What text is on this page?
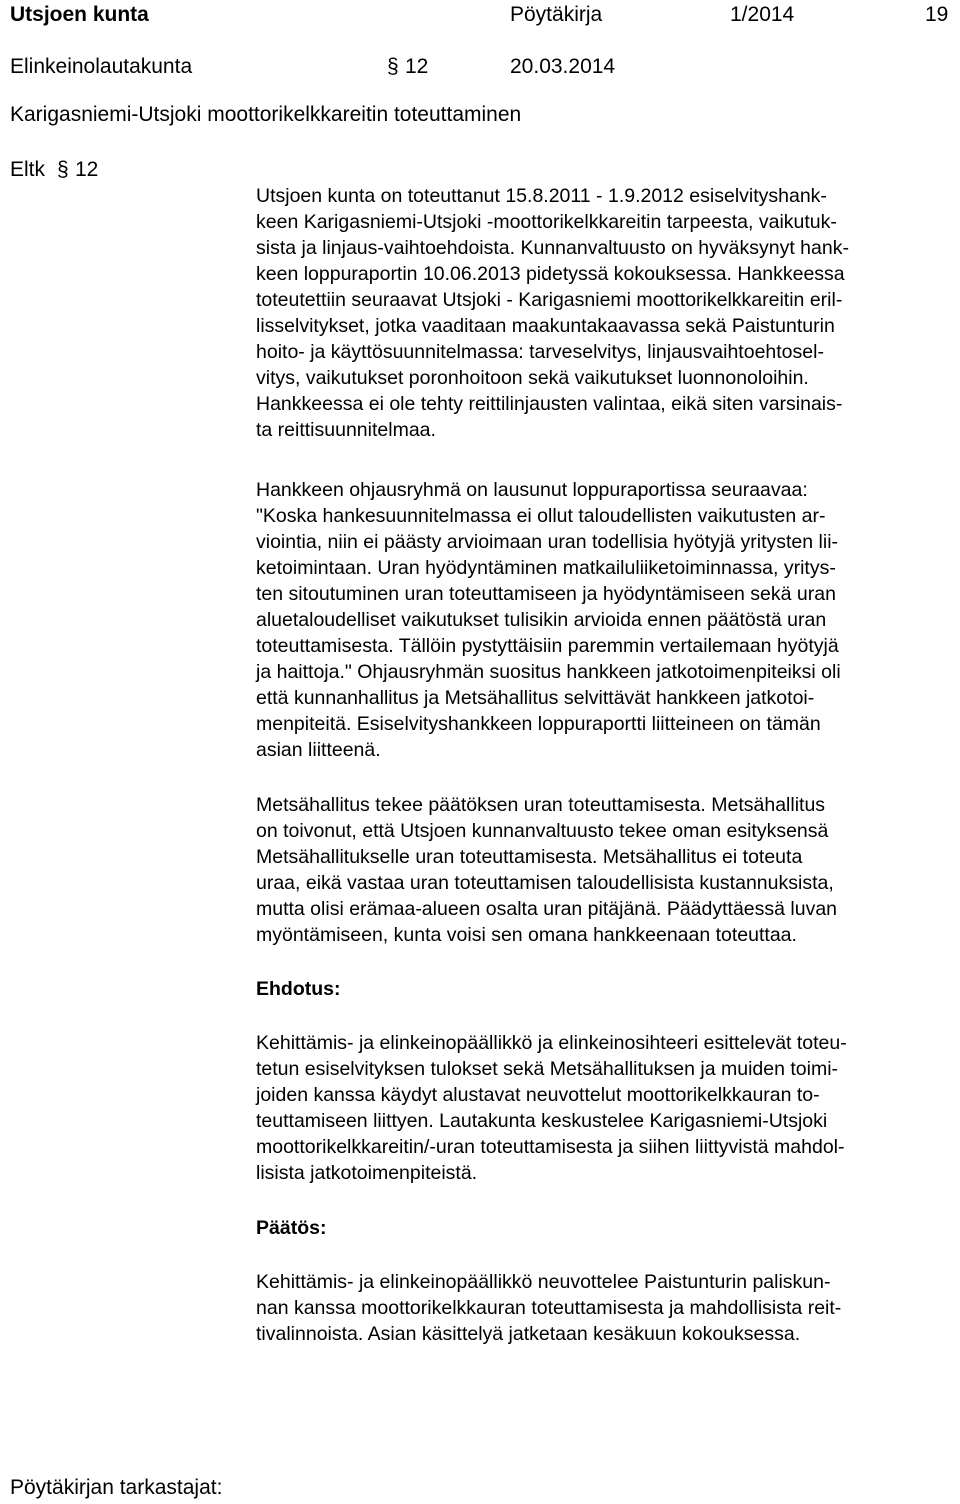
Utsjoen kunta	Pöytäkirja	1/2014	19
Elinkeinolautakunta	§ 12	20.03.2014
Karigasniemi-Utsjoki moottorikelkkareitin toteuttaminen
Eltk § 12
Utsjoen kunta on toteuttanut 15.8.2011 - 1.9.2012 esiselvityshank-
keen Karigasniemi-Utsjoki -moottorikelkkareitin tarpeesta, vaikutuk-
sista ja linjaus-vaihtoehdoista. Kunnanvaltuusto on hyväksynyt hank-
keen loppuraportin 10.06.2013 pidetyssä kokouksessa. Hankkeessa
toteutettiin seuraavat Utsjoki - Karigasniemi moottorikelkkareitin eril-
lisselvitykset, jotka vaaditaan maakuntakaavassa sekä Paistunturin
hoito- ja käyttösuunnitelmassa: tarveselvitys, linjausvaihtoehtosel-
vitys, vaikutukset poronhoitoon sekä vaikutukset luonnonoloihin.
Hankkeessa ei ole tehty reittilinjausten valintaa, eikä siten varsinais-
ta reittisuunnitelmaa.
Hankkeen ohjausryhmä on lausunut loppuraportissa seuraavaa:
"Koska hankesuunnitelmassa ei ollut taloudellisten vaikutusten ar-
viointia, niin ei päästy arvioimaan uran todellisia hyötyjä yritysten lii-
ketoimintaan. Uran hyödyntäminen matkailuliiketoiminnassa, yritys-
ten sitoutuminen uran toteuttamiseen ja hyödyntämiseen sekä uran
aluetaloudelliset vaikutukset tulisikin arvioida ennen päätöstä uran
toteuttamisesta. Tällöin pystyttäisiin paremmin vertailemaan hyötyjä
ja haittoja." Ohjausryhmän suositus hankkeen jatkotoimenpiteiksi oli
että kunnanhallitus ja Metsähallitus selvittävät hankkeen jatkotoi-
menpiteitä. Esiselvityshankkeen loppuraportti liitteineen on tämän
asian liitteenä.
Metsähallitus tekee päätöksen uran toteuttamisesta. Metsähallitus
on toivonut, että Utsjoen kunnanvaltuusto tekee oman esityksensä
Metsähallitukselle uran toteuttamisesta. Metsähallitus ei toteuta
uraa, eikä vastaa uran toteuttamisen taloudellisista kustannuksista,
mutta olisi erämaa-alueen osalta uran pitäjänä. Päädyttäessä luvan
myöntämiseen, kunta voisi sen omana hankkeenaan toteuttaa.
Ehdotus:
Kehittämis- ja elinkeinopäällikkö ja elinkeinosihteeri esittelevät toteu-
tetun esiselvityksen tulokset sekä Metsähallituksen ja muiden toimi-
joiden kanssa käydyt alustavat neuvottelut moottorikelkkauran to-
teuttamiseen liittyen. Lautakunta keskustelee Karigasniemi-Utsjoki
moottorikelkkareitin/-uran toteuttamisesta ja siihen liittyvistä mahdol-
lisista jatkotoimenpiteistä.
Päätös:
Kehittämis- ja elinkeinopäällikkö neuvottelee Paistunturin paliskun-
nan kanssa moottorikelkkauran toteuttamisesta ja mahdollisista reit-
tivalinnoista. Asian käsittelyä jatketaan kesäkuun kokouksessa.
Pöytäkirjan tarkastajat:
